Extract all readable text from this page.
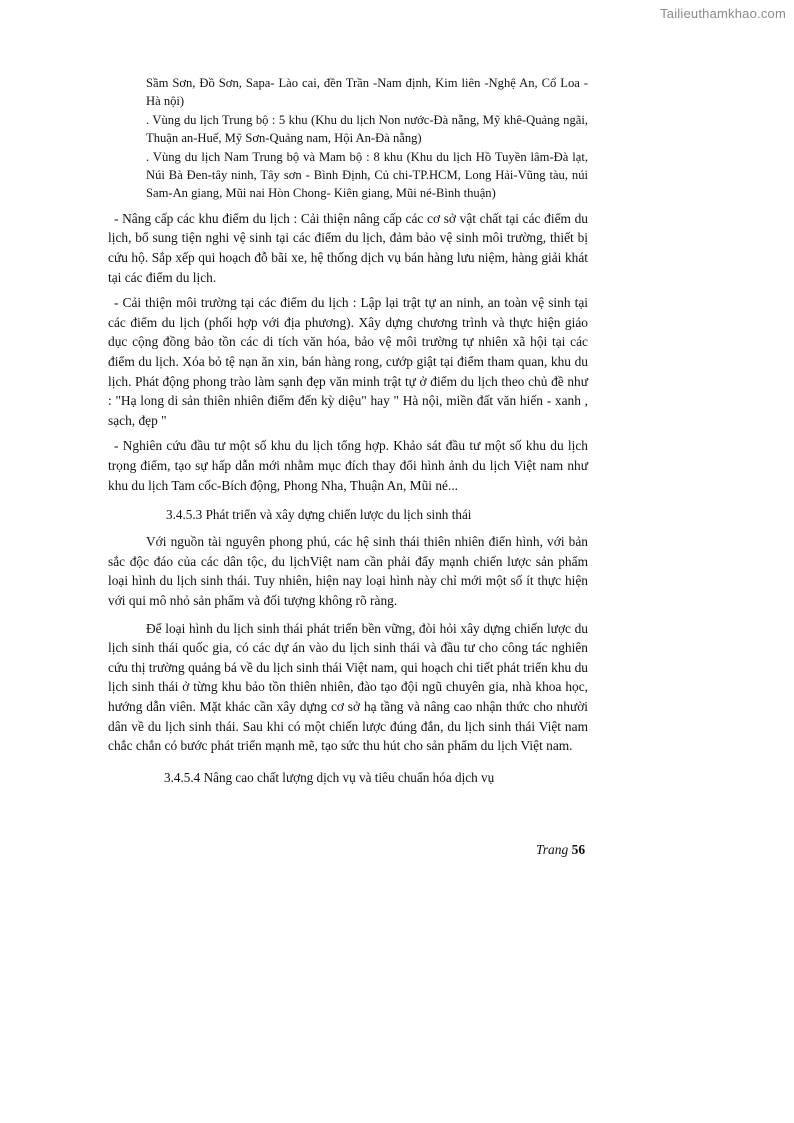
Tailieuthamkhao.com

Sầm Sơn, Đồ Sơn, Sapa- Lào cai, đền Trần -Nam định, Kim liên -Nghệ An, Cổ Loa -Hà nội)

. Vùng du lịch Trung bộ : 5 khu (Khu du lịch Non nước-Đà nẵng, Mỹ khê-Quảng ngãi, Thuận an-Huế, Mỹ Sơn-Quảng nam, Hội An-Đà nẵng)

. Vùng du lịch Nam Trung bộ và Mam bộ : 8 khu (Khu du lịch Hồ Tuyền lâm-Đà lạt, Núi Bà Đen-tây ninh, Tây sơn - Bình Định, Củ chi-TP.HCM, Long Hải-Vũng tàu, núi Sam-An giang, Mũi nai Hòn Chong- Kiên giang, Mũi né-Bình thuận)

- Nâng cấp các khu điểm du lịch : Cải thiện nâng cấp các cơ sở vật chất tại các điểm du lịch, bổ sung tiện nghi vệ sinh tại các điểm du lịch, đảm bảo vệ sinh môi trường, thiết bị cứu hộ. Sắp xếp qui hoạch đỗ bãi xe, hệ thống dịch vụ bán hàng lưu niệm, hàng giải khát tại các điểm du lịch.

- Cải thiện môi trường tại các điểm du lịch : Lập lại trật tự an ninh, an toàn vệ sinh tại các điểm du lịch (phối hợp với địa phương). Xây dựng chương trình và thực hiện giáo dục cộng đồng bảo tồn các di tích văn hóa, bảo vệ môi trường tự nhiên xã hội tại các điểm du lịch. Xóa bỏ tệ nạn ăn xin, bán hàng rong, cướp giật tại điểm tham quan, khu du lịch. Phát động phong trào làm sạnh đẹp văn minh trật tự ở điểm du lịch theo chủ đề như : "Hạ long di sản thiên nhiên điểm đến kỳ diệu" hay " Hà nội, miền đất văn hiến - xanh , sạch, đẹp "

- Nghiên cứu đầu tư một số khu du lịch tổng hợp. Khảo sát đầu tư một số khu du lịch trọng điểm, tạo sự hấp dẫn mới nhằm mục đích thay đổi hình ảnh du lịch Việt nam như khu du lịch Tam cốc-Bích động, Phong Nha, Thuận An, Mũi né...

3.4.5.3 Phát triển và xây dựng chiến lược du lịch sinh thái

Với nguồn tài nguyên phong phú, các hệ sinh thái thiên nhiên điển hình, với bản sắc độc đáo của các dân tộc, du lịchViệt nam cần phải đẩy mạnh chiến lược sản phẩm loại hình du lịch sinh thái. Tuy nhiên, hiện nay loại hình này chỉ mới một số ít thực hiện với qui mô nhỏ sản phẩm và đối tượng không rõ ràng.

Để loại hình du lịch sinh thái phát triển bền vững, đòi hỏi xây dựng chiến lược du lịch sinh thái quốc gia, có các dự án vào du lịch sinh thái và đầu tư cho công tác nghiên cứu thị trường quảng bá về du lịch sinh thái Việt nam, qui hoạch chi tiết phát triển khu du lịch sinh thái ở từng khu bảo tồn thiên nhiên, đào tạo đội ngũ chuyên gia, nhà khoa học, hướng dẫn viên. Mặt khác cần xây dựng cơ sở hạ tầng và nâng cao nhận thức cho nhười dân về du lịch sinh thái. Sau khi có một chiến lược đúng đắn, du lịch sinh thái Việt nam chắc chắn có bước phát triển mạnh mẽ, tạo sức thu hút cho sản phẩm du lịch Việt nam.

3.4.5.4 Nâng cao chất lượng dịch vụ và tiêu chuẩn hóa dịch vụ

Trang 56
